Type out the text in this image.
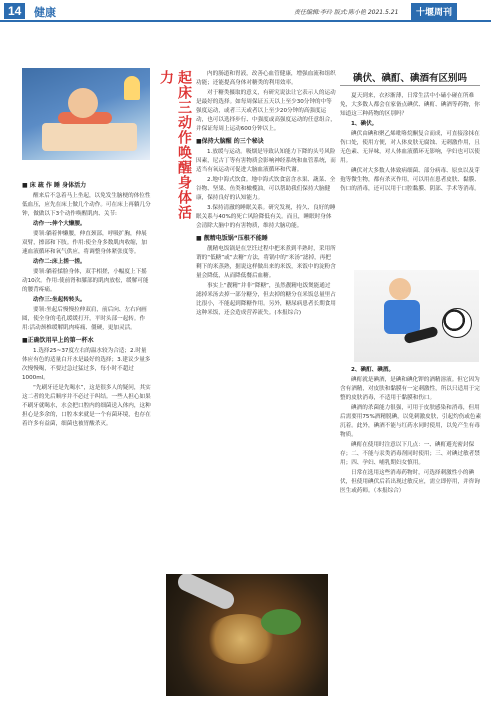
14	健康	责任编辑:李玲 版式:陈小艳 2021.5.21	十堰周刊
起床三动作唤醒身体活力

■ 床 疏 作 睡 身体活力

醒来后不急着马上坐起，以免发生脑梗的体位性低血压，应先在床上做几个动作。可在床上再躺几分钟，做做以下3个动作唤醒肌肉、关节:

动作一:伸个大懒腰。

要领:躺着伸懒腰，伸直颈部，呼吸扩胸，伸展双臂，擦部和下肢。作用:使全身多数肌肉收缩，加速血液循环和氧气供应，将调整身体紧张度等。

动作二:床上搓一搓。

要领:躺着揉脸身体，双手相搓，小幅度上下摇动10次。作用:使前肾和膝部的肌肉放松，缓解可能的腰背疼痛。

动作三:坐起转转头。

要领:坐起后慢慢拉伸双肩，前后向、左右向画圆，使全身的毛孔缓缓打开，平时头部一起转。作用:活动颈椎缓解肌肉疼痛、僵硬，更加灵活。

■正确饮用早上的第一杯水

1.选择25~37度左右的温水较为合适；2.时量体应有色的适量白开水是最好的选择；3.建议少量多次慢慢喝，不要过急过猛过多，每小时不超过1000ml。

“先刷牙还是先喝水”，这是很多人的疑问，其实这二者的先后顺序并不必过于纠结。一些人担心如果不刷牙就喝水，水会把口腔内的细菌送入体内，这种担心是多余的，口腔本来就是一个有菌环境，也存在着许多有益菌，细菌也被胃酸杀灭。

内的肠道和胃液，改善心血管健康，增强血流和组织功能；还能提高身体对糖类的利用效率。

对于糖类摄取的意义，有研究说法让它表示人的运动是最好的选择。如每周保证五天以上至少30分钟的中等强度运动，或者三天或者以上至少20分钟的高强度运动，也可以选择步行、中强度或高强度运动的任意组合，并保证每周上运动600分钟以上。

■保持大脑醒 的三个秘诀

1.放缓与运动。吸烟是导致认知能力下降的头号风险因素，尼古丁等有害物质会影响神经系统和血管系统，而适当有氧运动可促进大脑血液循环和代谢。

2.地中海式饮食。地中海式饮食富含水果、蔬菜、全谷物、坚果、鱼类和橄榄油，可以帮助我们保持大脑健康，保持良好的认知能力。

3.保持清澈的睡眠关系。研究发现，持久、良好的睡眠关系与40%的死亡风险降低有关。而且，睡眠时身体会清除大脑中的有害物质，维持大脑功能。

■ 靓精电饭锅“压根不能睡

靓精电饭锅是在烹饪过程中把米煮到半熟时，采用所谓的“低糖”或“去糖”方法，将锅中的“米汤”滤掉，再把剩下的米蒸熟，据说这样做出来的米饭，米饭中的淀粉含量会降低，从而降低餐后血糖。

事实上“靓精”并非“降糖”，虽然靓精电饭煲能通过滤掉米汤去掉一部分糖分，但去掉的糖分在米饭总量里占比很小，不能起到降糖作用。另外，糖尿病患者长期食用这种米饭，还会造成营养流失。(本报综合)

碘伏、碘酊、碘酒有区别吗

夏天到来，衣衫渐薄，日常生活中小磕小碰在所难免，大多数人都会在家备点碘伏、碘酊、碘酒等药物，你知道这三种药物的区别吗？

1、碘伏。

碘伏由碘和聚乙烯吡咯烷酮复合而成，可直接涂抹在伤口处，使用方便，对人体皮肤无腐蚀、无刺激作用，且无色素、无异味，对人体血液循环无影响，孕妇也可以使用。

碘伏对大多数人体致病细菌、部分病毒、原虫以及芽孢等微生物，都有杀灭作用，可以用在患者皮肤、黏膜、伤口的消毒，还可以用于口腔黏膜、阴部、手术等消毒。

2、碘酊、碘酒。

碘酊就是碘酒，是碘和碘化钾的酒精溶液。但它因为含有酒精，对皮肤和黏膜有一定刺激性，所以只适用于完整的皮肤消毒，不适用于黏膜和伤口。

碘酒的杀菌能力很强，可用于皮肤感染和消毒，但用后需要用75%酒精脱碘，以免刺激皮肤，引起灼伤或色素沉着。此外，碘酒不能与红药水同时使用，以免产生有毒物质。

碘酊在使用时注意以下几点：一、碘酊避光密封保存；二、不能与汞类消毒剂同时使用；三、对碘过敏者禁用；四、孕妇、哺乳期妇女慎用。

日常在选用这些消毒药物时，可选择刺激性小的碘伏，但使用碘伏后若出现过敏反应，需立即停用，并咨询医生或药师。（本报综合）
